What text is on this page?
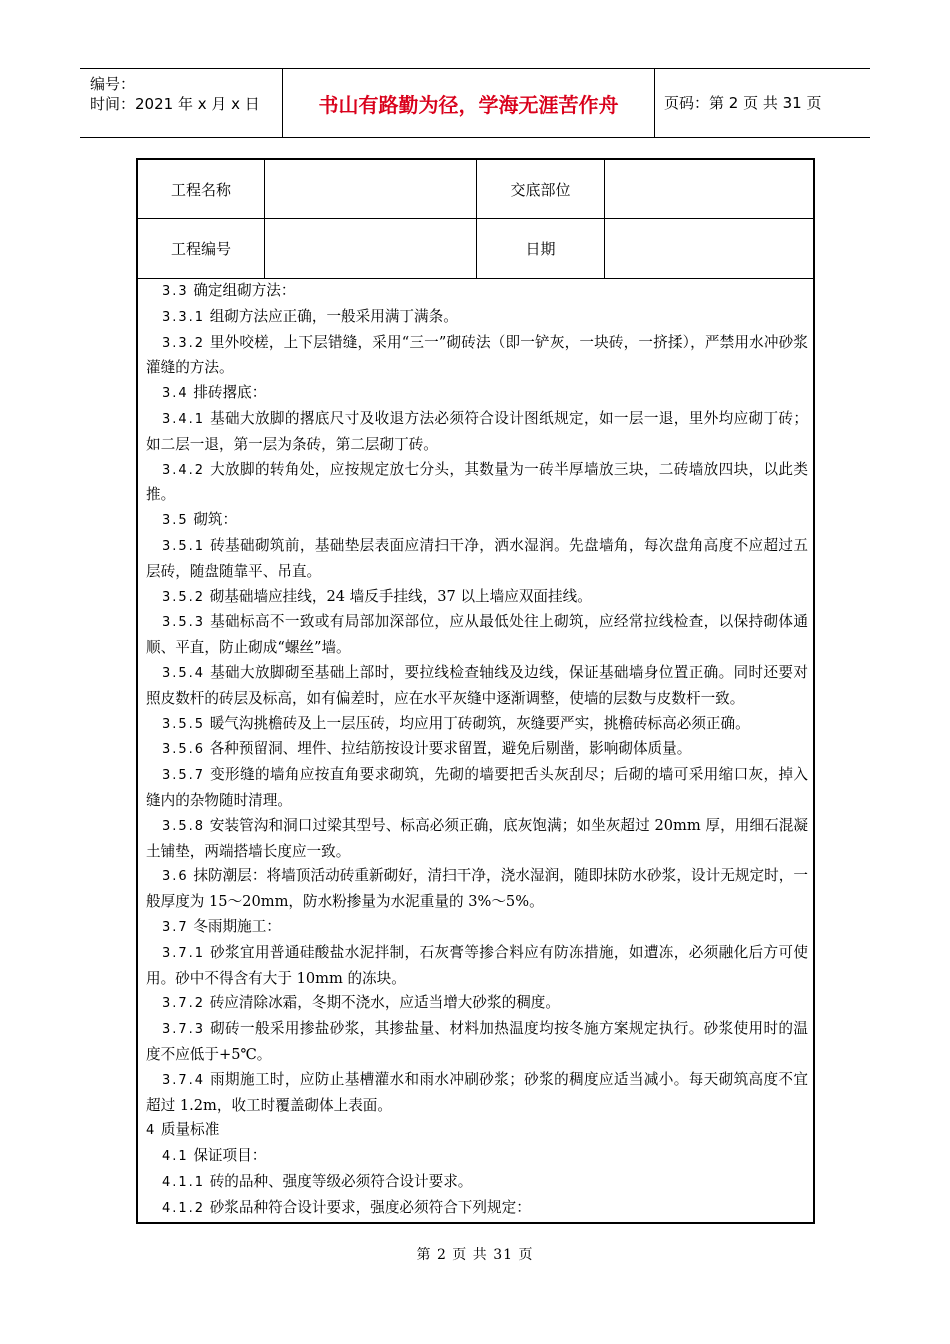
编号：
时间：2021 年 x 月 x 日	书山有路勤为径，学海无涯苦作舟	页码：第 2 页 共 31 页
工程名称	交底部位
工程编号	日期

3.3 确定组砌方法：

3.3.1 组砌方法应正确，一般采用满丁满条。

3.3.2 里外咬槎，上下层错缝，采用“三一”砌砖法（即一铲灰，一块砖，一挤揉），严禁用水冲砂浆灌缝的方法。

3.4 排砖撂底：

3.4.1 基础大放脚的撂底尺寸及收退方法必须符合设计图纸规定，如一层一退，里外均应砌丁砖；如二层一退，第一层为条砖，第二层砌丁砖。

3.4.2 大放脚的转角处，应按规定放七分头，其数量为一砖半厚墙放三块，二砖墙放四块，以此类推。

3.5 砌筑：

3.5.1 砖基础砌筑前，基础垫层表面应清扫干净，洒水湿润。先盘墙角，每次盘角高度不应超过五层砖，随盘随靠平、吊直。

3.5.2 砌基础墙应挂线，24 墙反手挂线，37 以上墙应双面挂线。

3.5.3 基础标高不一致或有局部加深部位，应从最低处往上砌筑，应经常拉线检查，以保持砌体通顺、平直，防止砌成“螺丝”墙。

3.5.4 基础大放脚砌至基础上部时，要拉线检查轴线及边线，保证基础墙身位置正确。同时还要对照皮数杆的砖层及标高，如有偏差时，应在水平灰缝中逐渐调整，使墙的层数与皮数杆一致。

3.5.5 暖气沟挑檐砖及上一层压砖，均应用丁砖砌筑，灰缝要严实，挑檐砖标高必须正确。

3.5.6 各种预留洞、埋件、拉结筋按设计要求留置，避免后剔凿，影响砌体质量。

3.5.7 变形缝的墙角应按直角要求砌筑，先砌的墙要把舌头灰刮尽；后砌的墙可采用缩口灰，掉入缝内的杂物随时清理。

3.5.8 安装管沟和洞口过梁其型号、标高必须正确，底灰饱满；如坐灰超过 20mm 厚，用细石混凝土铺垫，两端搭墙长度应一致。

3.6 抹防潮层：将墙顶活动砖重新砌好，清扫干净，浇水湿润，随即抹防水砂浆，设计无规定时，一般厚度为 15～20mm，防水粉掺量为水泥重量的 3%～5%。

3.7 冬雨期施工：

3.7.1 砂浆宜用普通硅酸盐水泥拌制，石灰膏等掺合料应有防冻措施，如遭冻，必须融化后方可使用。砂中不得含有大于 10mm 的冻块。

3.7.2 砖应清除冰霜，冬期不浇水，应适当增大砂浆的稠度。

3.7.3 砌砖一般采用掺盐砂浆，其掺盐量、材料加热温度均按冬施方案规定执行。砂浆使用时的温度不应低于+5℃。

3.7.4 雨期施工时，应防止基槽灌水和雨水冲刷砂浆；砂浆的稠度应适当减小。每天砌筑高度不宜超过 1.2m，收工时覆盖砌体上表面。

4 质量标准

4.1 保证项目：

4.1.1 砖的品种、强度等级必须符合设计要求。

4.1.2 砂浆品种符合设计要求，强度必须符合下列规定：

第 2 页 共 31 页
